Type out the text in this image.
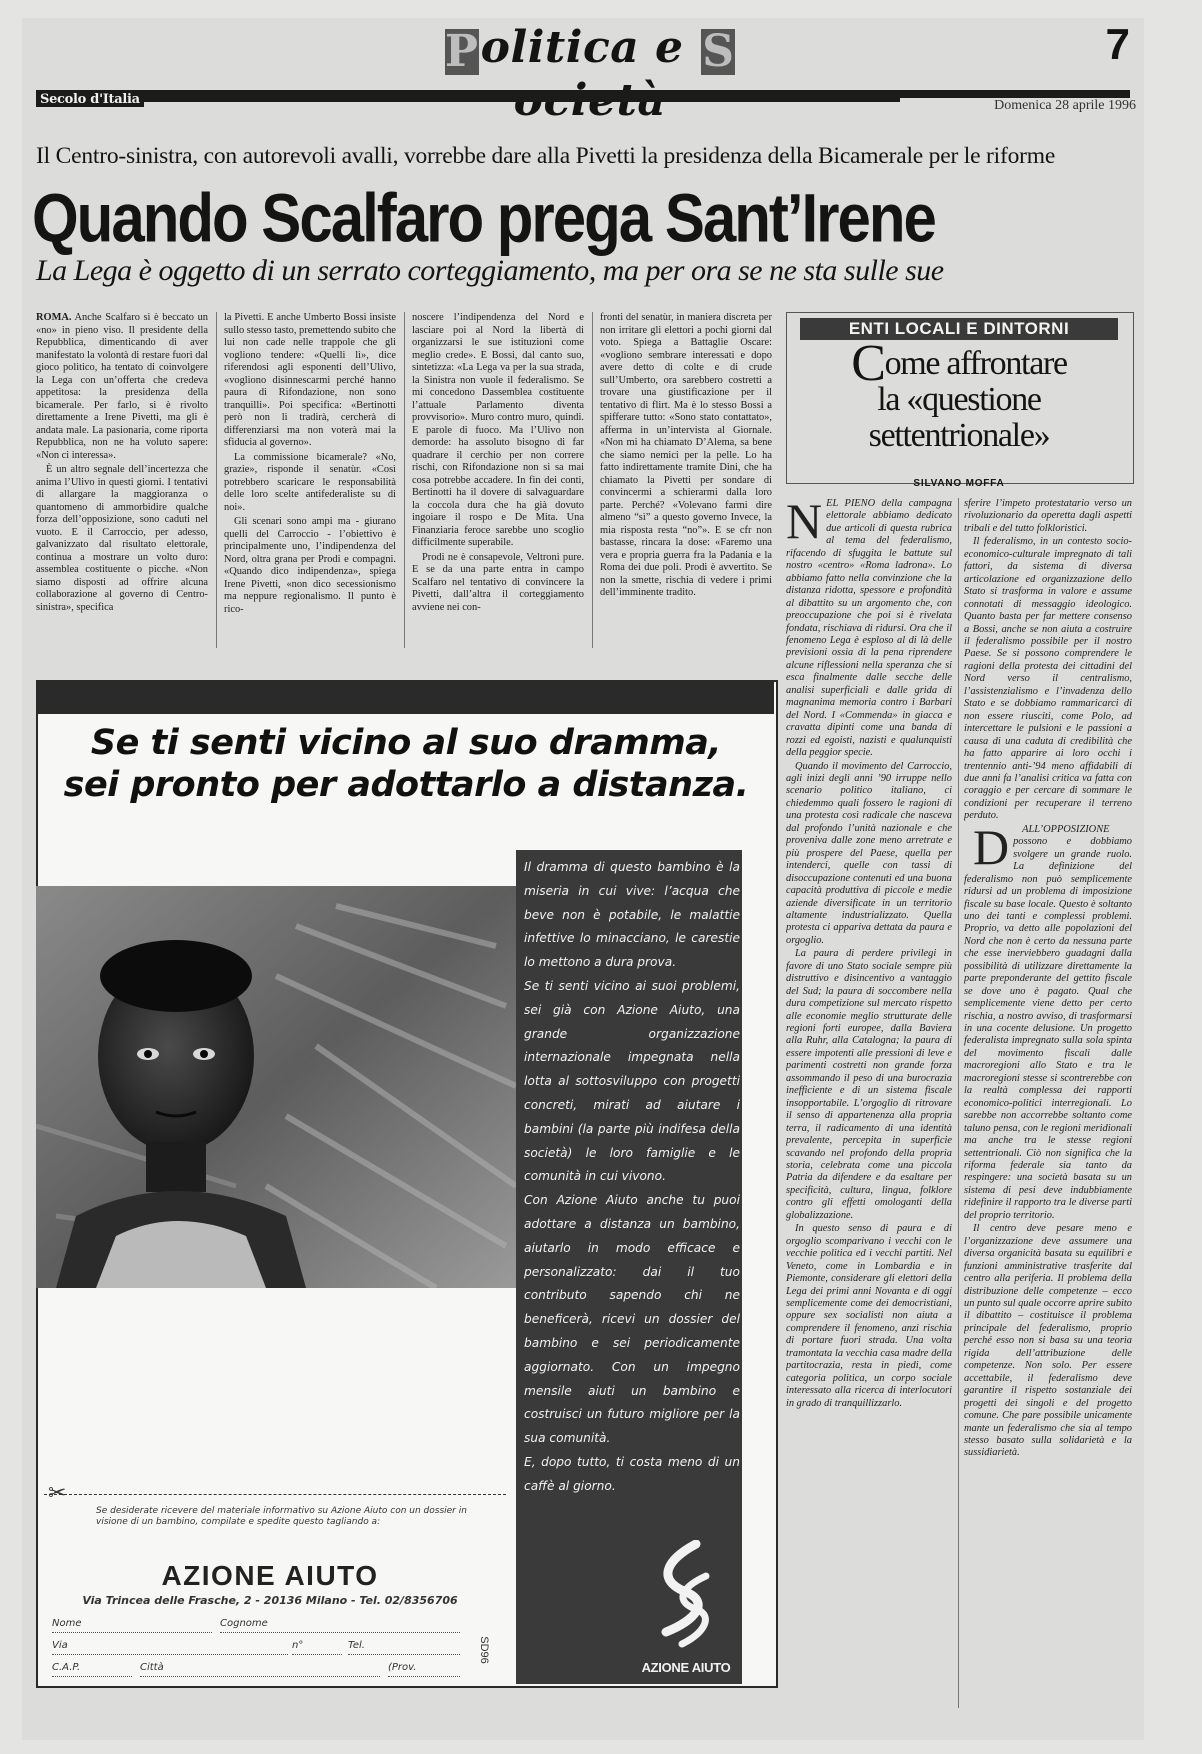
Politica e S	7
Secolo d'Italia	Domenica 28 aprile 1996
Il Centro-sinistra, con autorevoli avalli, vorrebbe dare alla Pivetti la presidenza della Bicamerale per le riforme
Quando Scalfaro prega Sant’Irene
La Lega è oggetto di un serrato corteggiamento, ma per ora se ne sta sulle sue

ROMA. Anche Scalfaro si è beccato un «no» in pieno viso. Il presidente della Repubblica, dimenticando di aver manifestato la volontà di restare fuori dal gioco politico, ha tentato di coinvolgere la Lega con un’offerta che credeva appetitosa: la presidenza della bicamerale. Per farlo, si è rivolto direttamente a Irene Pivetti, ma gli è andata male. La pasionaria, come riporta Repubblica, non ne ha voluto sapere: «Non ci interessa».

È un altro segnale dell’incertezza che anima l’Ulivo in questi giorni. I tentativi di allargare la maggioranza o quantomeno di ammorbidire qualche forza dell’opposizione, sono caduti nel vuoto. E il Carroccio, per adesso, galvanizzato dal risultato elettorale, continua a mostrare un volto duro: assemblea costituente o picche. «Non siamo disposti ad offrire alcuna collaborazione al governo di Centro-sinistra», specifica

la Pivetti. E anche Umberto Bossi insiste sullo stesso tasto, premettendo subito che lui non cade nelle trappole che gli vogliono tendere: «Quelli lì», dice riferendosi agli esponenti dell’Ulivo, «vogliono disinnescarmi perché hanno paura di Rifondazione, non sono tranquilli». Poi specifica: «Bertinotti però non li tradirà, cercherà di differenziarsi ma non voterà mai la sfiducia al governo».

La commissione bicamerale? «No, grazie», risponde il senatùr. «Così potrebbero scaricare le responsabilità delle loro scelte antifederaliste su di noi».

Gli scenari sono ampi ma - giurano quelli del Carroccio - l’obiettivo è principalmente uno, l’indipendenza del Nord, oltra grana per Prodi e compagni. «Quando dico indipendenza», spiega Irene Pivetti, «non dico secessionismo ma neppure regionalismo. Il punto è rico-

noscere l’indipendenza del Nord e lasciare poi al Nord la libertà di organizzarsi le sue istituzioni come meglio crede». E Bossi, dal canto suo, sintetizza: «La Lega va per la sua strada, la Sinistra non vuole il federalismo. Se mi concedono Dassemblea costituente l’attuale Parlamento diventa provvisorio». Muro contro muro, quindi. E parole di fuoco. Ma l’Ulivo non demorde: ha assoluto bisogno di far quadrare il cerchio per non correre rischi, con Rifondazione non si sa mai cosa potrebbe accadere. In fin dei conti, Bertinotti ha il dovere di salvaguardare la coccola dura che ha già dovuto ingoiare il rospo e De Mita. Una Finanziaria feroce sarebbe uno scoglio difficilmente superabile.

Prodi ne è consapevole, Veltroni pure. E se da una parte entra in campo Scalfaro nel tentativo di convincere la Pivetti, dall’altra il corteggiamento avviene nei con-

fronti del senatùr, in maniera discreta per non irritare gli elettori a pochi giorni dal voto. Spiega a Battaglie Oscare: «vogliono sembrare interessati e dopo avere detto di colte e di crude sull’Umberto, ora sarebbero costretti a trovare una giustificazione per il tentativo di flirt. Ma è lo stesso Bossi a spifferare tutto: «Sono stato contattato», afferma in un’intervista al Giornale. «Non mi ha chiamato D’Alema, sa bene che siamo nemici per la pelle. Lo ha fatto indirettamente tramite Dini, che ha chiamato la Pivetti per sondare di convincermi a schierarmi dalla loro parte. Perché? «Volevano farmi dire almeno “sì” a questo governo Invece, la mia risposta resta “no”». E se cfr non bastasse, rincara la dose: «Faremo una vera e propria guerra fra la Padania e la Roma dei due poli. Prodi è avvertito. Se non la smette, rischia di vedere i primi dell’imminente tradito.

ENTI LOCALI E DINTORNI
Come affrontare
la «questione
settentrionale»
SILVANO MOFFA

NEL PIENO della campagna elettorale abbiamo dedicato due articoli di questa rubrica al tema del federalismo, rifacendo di sfuggita le battute sul nostro «centro» «Roma ladrona». Lo abbiamo fatto nella convinzione che la distanza ridotta, spessore e profondità al dibattito su un argomento che, con preoccupazione che poi si è rivelata fondata, rischiava di ridursi. Ora che il fenomeno Lega è esploso al di là delle previsioni ossia di la pena riprendere alcune riflessioni nella speranza che si esca finalmente dalle secche delle analisi superficiali e dalle grida di magnanima memoria contro i Barbari del Nord. I «Commenda» in giacca e cravatta dipinti come una banda di rozzi ed egoisti, nazisti e qualunquisti della peggior specie.

Quando il movimento del Carroccio, agli inizi degli anni ’90 irruppe nello scenario politico italiano, ci chiedemmo quali fossero le ragioni di una protesta così radicale che nasceva dal profondo l’unità nazionale e che proveniva dalle zone meno arretrate e più prospere del Paese, quella per intenderci, quelle con tassi di disoccupazione contenuti ed una buona capacità produttiva di piccole e medie aziende diversificate in un territorio altamente industrializzato. Quella protesta ci appariva dettata da paura e orgoglio.

La paura di perdere privilegi in favore di uno Stato sociale sempre più distruttivo e disincentivo a vantaggio del Sud; la paura di soccombere nella dura competizione sul mercato rispetto alle economie meglio strutturate delle regioni forti europee, dalla Baviera alla Ruhr, alla Catalogna; la paura di essere impotenti alle pressioni di leve e parimenti costretti non grande forza assommando il peso di una burocrazia inefficiente e di un sistema fiscale insopportabile. L’orgoglio di ritrovare il senso di appartenenza alla propria terra, il radicamento di una identità prevalente, percepita in superficie scavando nel profondo della propria storia, celebrata come una piccola Patria da difendere e da esaltare per specificità, cultura, lingua, folklore contro gli effetti omologanti della globalizzazione.

In questo senso di paura e di orgoglio scomparivano i vecchi con le vecchie politica ed i vecchi partiti. Nel Veneto, come in Lombardia e in Piemonte, considerare gli elettori della Lega dei primi anni Novanta e di oggi semplicemente come dei democristiani, oppure sex socialisti non aiuta a comprendere il fenomeno, anzi rischia di portare fuori strada. Una volta tramontata la vecchia casa madre della partitocrazia, resta in piedi, come categoria politica, un corpo sociale interessato alla ricerca di interlocutori in grado di tranquillizzarlo.

sferire l’impeto protestatario verso un rivoluzionario da operetta dagli aspetti tribali e del tutto folkloristici.

Il federalismo, in un contesto socio-economico-culturale impregnato di tali fattori, da sistema di diversa articolazione ed organizzazione dello Stato si trasforma in valore e assume connotati di messaggio ideologico. Quanto basta per far mettere consenso a Bossi, anche se non aiuta a costruire il federalismo possibile per il nostro Paese. Se si possono comprendere le ragioni della protesta dei cittadini del Nord verso il centralismo, l’assistenzialismo e l’invadenza dello Stato e se dobbiamo rammaricarci di non essere riusciti, come Polo, ad intercettare le pulsioni e le passioni a causa di una caduta di credibilità che ha fatto apparire ai loro occhi i trentennio anti-’94 meno affidabili di due anni fa l’analisi critica va fatta con coraggio e per cercare di sommare le condizioni per recuperare il terreno perduto.

D ALL’OPPOSIZIONE possono e dobbiamo svolgere un grande ruolo. La definizione del federalismo non può semplicemente ridursi ad un problema di imposizione fiscale su base locale. Questo è soltanto uno dei tanti e complessi problemi. Proprio, va detto alle popolazioni del Nord che non è certo da nessuna parte che esse inerviebbero guadagni dalla possibilità di utilizzare direttamente la parte preponderante del gettito fiscale se dove uno è pagato. Qual che semplicemente viene detto per certo rischia, a nostro avviso, di trasformarsi in una cocente delusione. Un progetto federalista impregnato sulla sola spinta del movimento fiscali dalle macroregioni allo Stato e tra le macroregioni stesse si scontrerebbe con la realtà complessa dei rapporti economico-politici interregionali. Lo sarebbe non accorrebbe soltanto come taluno pensa, con le regioni meridionali ma anche tra le stesse regioni settentrionali. Ciò non significa che la riforma federale sia tanto da respingere: una società basata su un sistema di pesi deve indubbiamente ridefinire il rapporto tra le diverse parti del proprio territorio.

Il centro deve pesare meno e l’organizzazione deve assumere una diversa organicità basata su equilibri e funzioni amministrative trasferite dal centro alla periferia. Il problema della distribuzione delle competenze – ecco un punto sul quale occorre aprire subito il dibattito – costituisce il problema principale del federalismo, proprio perché esso non si basa su una teoria rigida dell’attribuzione delle competenze. Non solo. Per essere accettabile, il federalismo deve garantire il rispetto sostanziale dei progetti dei singoli e del progetto comune. Che pare possibile unicamente mante un federalismo che sia al tempo stesso basato sulla solidarietà e la sussidiarietà.

Se ti senti vicino al suo dramma,
sei pronto per adottarlo a distanza.

Il dramma di questo bambino è la miseria in cui vive: l’acqua che beve non è potabile, le malattie infettive lo minacciano, le carestie lo mettono a dura prova.

Se ti senti vicino ai suoi problemi, sei già con Azione Aiuto, una grande organizzazione internazionale impegnata nella lotta al sottosviluppo con progetti concreti, mirati ad aiutare i bambini (la parte più indifesa della società) le loro famiglie e le comunità in cui vivono.

Con Azione Aiuto anche tu puoi adottare a distanza un bambino, aiutarlo in modo efficace e personalizzato: dai il tuo contributo sapendo chi ne beneficerà, ricevi un dossier del bambino e sei periodicamente aggiornato. Con un impegno mensile aiuti un bambino e costruisci un futuro migliore per la sua comunità.

E, dopo tutto, ti costa meno di un caffè al giorno.

✂
Se desiderate ricevere del materiale informativo su Azione Aiuto con un dossier in visione di un bambino, compilate e spedite questo tagliando a:
AZIONE AIUTO
Via Trincea delle Frasche, 2 - 20136 Milano - Tel. 02/8356706
Nome	Cognome
Via	n°	Tel.
C.A.P.	Città	(Prov.
SD96
AZIONE AIUTO
